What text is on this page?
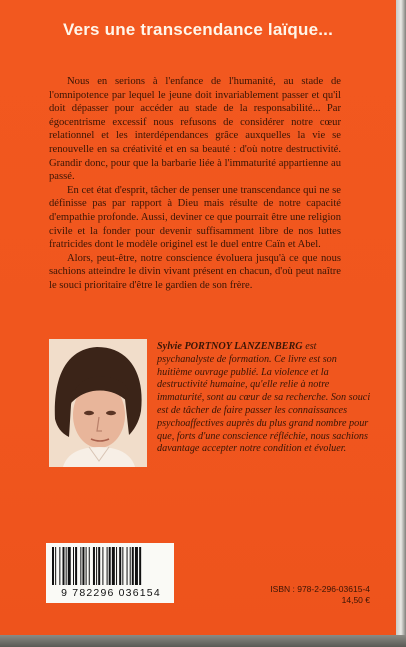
Vers une transcendance laïque...

Nous en serions à l'enfance de l'humanité, au stade de l'omnipotence par lequel le jeune doit invariablement passer et qu'il doit dépasser pour accéder au stade de la responsabilité... Par égocentrisme excessif nous refusons de considérer notre cœur relationnel et les interdépendances grâce auxquelles la vie se renouvelle en sa créativité et en sa beauté : d'où notre destructivité. Grandir donc, pour que la barbarie liée à l'immaturité appartienne au passé.

En cet état d'esprit, tâcher de penser une transcendance qui ne se définisse pas par rapport à Dieu mais résulte de notre capacité d'empathie profonde. Aussi, deviner ce que pourrait être une religion civile et la fonder pour devenir suffisamment libre de nos luttes fratricides dont le modèle originel est le duel entre Caïn et Abel.

Alors, peut-être, notre conscience évoluera jusqu'à ce que nous sachions atteindre le divin vivant présent en chacun, d'où peut naître le souci prioritaire d'être le gardien de son frère.

Sylvie PORTNOY LANZENBERG est psychanalyste de formation. Ce livre est son huitième ouvrage publié. La violence et la destructivité humaine, qu'elle relie à notre immaturité, sont au cœur de sa recherche. Son souci est de tâcher de faire passer les connaissances psychoaffectives auprès du plus grand nombre pour que, forts d'une conscience réfléchie, nous sachions davantage accepter notre condition et évoluer.
9 782296 036154	ISBN : 978-2-296-03615-4
14,50 €
